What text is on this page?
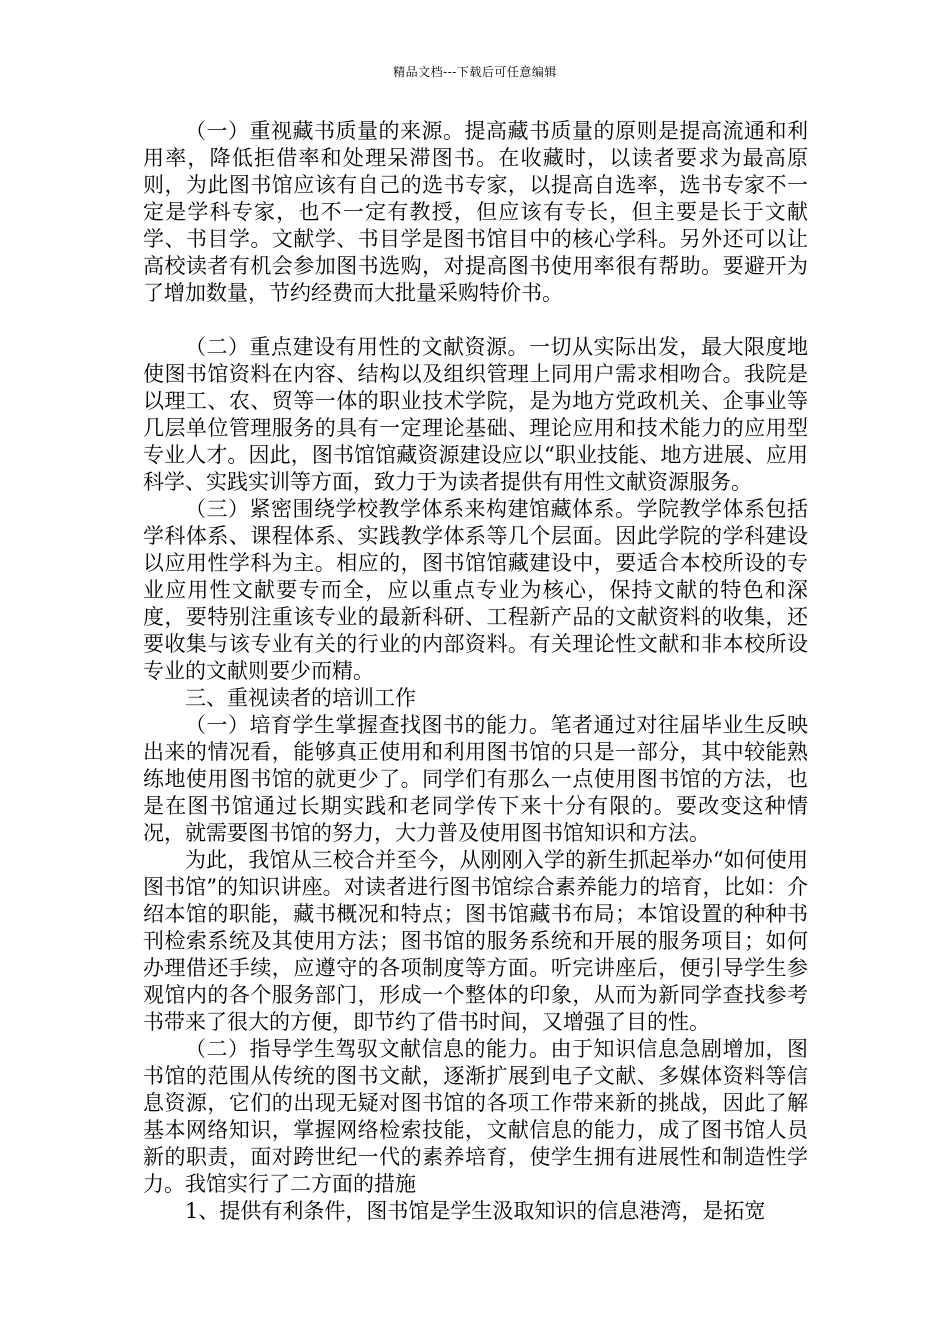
精品文档---下载后可任意编辑

（一）重视藏书质量的来源。提高藏书质量的原则是提高流通和利用率，降低拒借率和处理呆滞图书。在收藏时，以读者要求为最高原则，为此图书馆应该有自己的选书专家，以提高自选率，选书专家不一定是学科专家，也不一定有教授，但应该有专长，但主要是长于文献学、书目学。文献学、书目学是图书馆目中的核心学科。另外还可以让高校读者有机会参加图书选购，对提高图书使用率很有帮助。要避开为了增加数量，节约经费而大批量采购特价书。

（二）重点建设有用性的文献资源。一切从实际出发，最大限度地使图书馆资料在内容、结构以及组织管理上同用户需求相吻合。我院是以理工、农、贸等一体的职业技术学院，是为地方党政机关、企事业等几层单位管理服务的具有一定理论基础、理论应用和技术能力的应用型专业人才。因此，图书馆馆藏资源建设应以“职业技能、地方进展、应用科学、实践实训等方面，致力于为读者提供有用性文献资源服务。

（三）紧密围绕学校教学体系来构建馆藏体系。学院教学体系包括学科体系、课程体系、实践教学体系等几个层面。因此学院的学科建设以应用性学科为主。相应的，图书馆馆藏建设中，要适合本校所设的专业应用性文献要专而全，应以重点专业为核心，保持文献的特色和深度，要特别注重该专业的最新科研、工程新产品的文献资料的收集，还要收集与该专业有关的行业的内部资料。有关理论性文献和非本校所设专业的文献则要少而精。

三、重视读者的培训工作

（一）培育学生掌握查找图书的能力。笔者通过对往届毕业生反映出来的情况看，能够真正使用和利用图书馆的只是一部分，其中较能熟练地使用图书馆的就更少了。同学们有那么一点使用图书馆的方法，也是在图书馆通过长期实践和老同学传下来十分有限的。要改变这种情况，就需要图书馆的努力，大力普及使用图书馆知识和方法。

为此，我馆从三校合并至今，从刚刚入学的新生抓起举办“如何使用图书馆”的知识讲座。对读者进行图书馆综合素养能力的培育，比如：介绍本馆的职能，藏书概况和特点；图书馆藏书布局；本馆设置的种种书刊检索系统及其使用方法；图书馆的服务系统和开展的服务项目；如何办理借还手续，应遵守的各项制度等方面。听完讲座后，便引导学生参观馆内的各个服务部门，形成一个整体的印象，从而为新同学查找参考书带来了很大的方便，即节约了借书时间，又增强了目的性。

（二）指导学生驾驭文献信息的能力。由于知识信息急剧增加，图书馆的范围从传统的图书文献，逐渐扩展到电子文献、多媒体资料等信息资源，它们的出现无疑对图书馆的各项工作带来新的挑战，因此了解基本网络知识，掌握网络检索技能，文献信息的能力，成了图书馆人员新的职责，面对跨世纪一代的素养培育，使学生拥有进展性和制造性学力。我馆实行了二方面的措施

1、提供有利条件，图书馆是学生汲取知识的信息港湾，是拓宽
